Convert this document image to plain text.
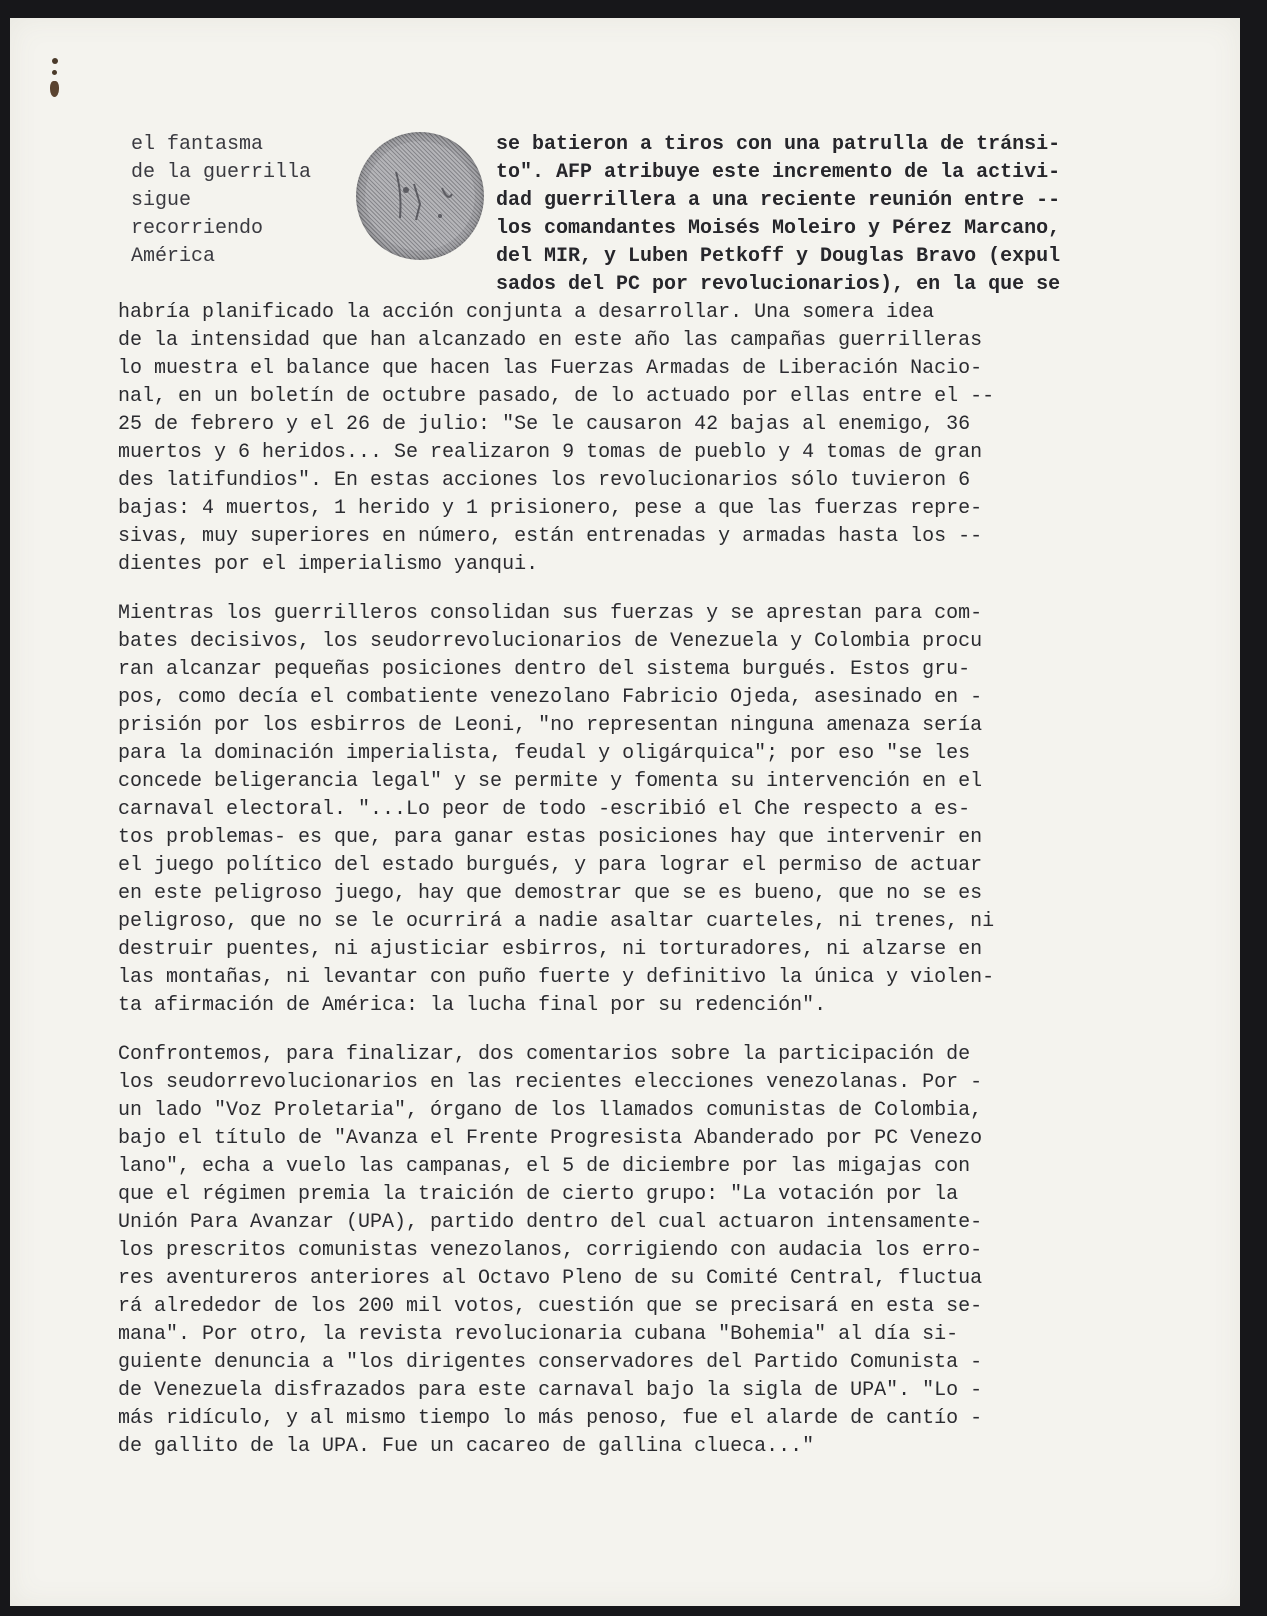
el fantasma
de la guerrilla
sigue
recorriendo
América
se batieron a tiros con una patrulla de tránsi-
to". AFP atribuye este incremento de la activi-
dad guerrillera a una reciente reunión entre --
los comandantes Moisés Moleiro y Pérez Marcano,
del MIR, y Luben Petkoff y Douglas Bravo (expul
sados del PC por revolucionarios), en la que se
habría planificado la acción conjunta a desarrollar. Una somera idea
de la intensidad que han alcanzado en este año las campañas guerrilleras
lo muestra el balance que hacen las Fuerzas Armadas de Liberación Nacio-
nal, en un boletín de octubre pasado, de lo actuado por ellas entre el --
25 de febrero y el 26 de julio: "Se le causaron 42 bajas al enemigo, 36
muertos y 6 heridos... Se realizaron 9 tomas de pueblo y 4 tomas de gran
des latifundios". En estas acciones los revolucionarios sólo tuvieron 6
bajas: 4 muertos, 1 herido y 1 prisionero, pese a que las fuerzas repre-
sivas, muy superiores en número, están entrenadas y armadas hasta los --
dientes por el imperialismo yanqui.
Mientras los guerrilleros consolidan sus fuerzas y se aprestan para com-
bates decisivos, los seudorrevolucionarios de Venezuela y Colombia procu
ran alcanzar pequeñas posiciones dentro del sistema burgués. Estos gru-
pos, como decía el combatiente venezolano Fabricio Ojeda, asesinado en -
prisión por los esbirros de Leoni, "no representan ninguna amenaza sería
para la dominación imperialista, feudal y oligárquica"; por eso "se les
concede beligerancia legal" y se permite y fomenta su intervención en el
carnaval electoral. "...Lo peor de todo -escribió el Che respecto a es-
tos problemas- es que, para ganar estas posiciones hay que intervenir en
el juego político del estado burgués, y para lograr el permiso de actuar
en este peligroso juego, hay que demostrar que se es bueno, que no se es
peligroso, que no se le ocurrirá a nadie asaltar cuarteles, ni trenes, ni
destruir puentes, ni ajusticiar esbirros, ni torturadores, ni alzarse en
las montañas, ni levantar con puño fuerte y definitivo la única y violen-
ta afirmación de América: la lucha final por su redención".
Confrontemos, para finalizar, dos comentarios sobre la participación de
los seudorrevolucionarios en las recientes elecciones venezolanas. Por -
un lado "Voz Proletaria", órgano de los llamados comunistas de Colombia,
bajo el título de "Avanza el Frente Progresista Abanderado por PC Venezo
lano", echa a vuelo las campanas, el 5 de diciembre por las migajas con
que el régimen premia la traición de cierto grupo: "La votación por la
Unión Para Avanzar (UPA), partido dentro del cual actuaron intensamente-
los prescritos comunistas venezolanos, corrigiendo con audacia los erro-
res aventureros anteriores al Octavo Pleno de su Comité Central, fluctua
rá alrededor de los 200 mil votos, cuestión que se precisará en esta se-
mana". Por otro, la revista revolucionaria cubana "Bohemia" al día si-
guiente denuncia a "los dirigentes conservadores del Partido Comunista -
de Venezuela disfrazados para este carnaval bajo la sigla de UPA". "Lo -
más ridículo, y al mismo tiempo lo más penoso, fue el alarde de cantío -
de gallito de la UPA. Fue un cacareo de gallina clueca..."
